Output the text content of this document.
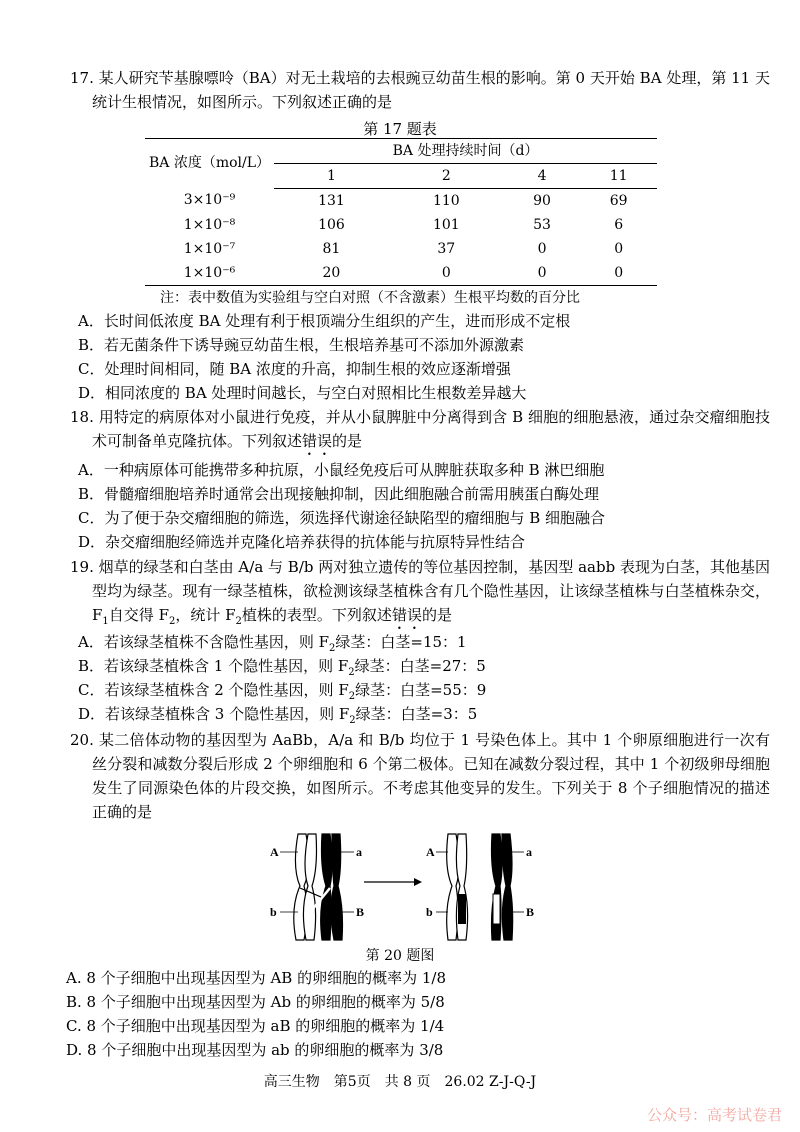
17. 某人研究苄基腺嘌呤（BA）对无土栽培的去根豌豆幼苗生根的影响。第 0 天开始 BA 处理，第 11 天统计生根情况，如图所示。下列叙述正确的是

第 17 题表
BA 浓度（mol/L）	BA 处理持续时间（d）			
	1	2	4	11
3×10⁻⁹	131	110	90	69
1×10⁻⁸	106	101	53	6
1×10⁻⁷	81	37	0	0
1×10⁻⁶	20	0	0	0
注：表中数值为实验组与空白对照（不含激素）生根平均数的百分比

A．长时间低浓度 BA 处理有利于根顶端分生组织的产生，进而形成不定根

B．若无菌条件下诱导豌豆幼苗生根，生根培养基可不添加外源激素

C．处理时间相同，随 BA 浓度的升高，抑制生根的效应逐渐增强

D．相同浓度的 BA 处理时间越长，与空白对照相比生根数差异越大

18. 用特定的病原体对小鼠进行免疫，并从小鼠脾脏中分离得到含 B 细胞的细胞悬液，通过杂交瘤细胞技术可制备单克隆抗体。下列叙述错误的是

A．一种病原体可能携带多种抗原，小鼠经免疫后可从脾脏获取多种 B 淋巴细胞

B．骨髓瘤细胞培养时通常会出现接触抑制，因此细胞融合前需用胰蛋白酶处理

C．为了便于杂交瘤细胞的筛选，须选择代谢途径缺陷型的瘤细胞与 B 细胞融合

D．杂交瘤细胞经筛选并克隆化培养获得的抗体能与抗原特异性结合

19. 烟草的绿茎和白茎由 A/a 与 B/b 两对独立遗传的等位基因控制，基因型 aabb 表现为白茎，其他基因型均为绿茎。现有一绿茎植株，欲检测该绿茎植株含有几个隐性基因，让该绿茎植株与白茎植株杂交，$F_1$自交得 $F_2$，统计 $F_2$植株的表型。下列叙述错误的是

A．若该绿茎植株不含隐性基因，则 $F_2$绿茎：白茎=15：1

B．若该绿茎植株含 1 个隐性基因，则 $F_2$绿茎：白茎=27：5

C．若该绿茎植株含 2 个隐性基因，则 $F_2$绿茎：白茎=55：9

D．若该绿茎植株含 3 个隐性基因，则 $F_2$绿茎：白茎=3：5

20. 某二倍体动物的基因型为 AaBb，A/a 和 B/b 均位于 1 号染色体上。其中 1 个卵原细胞进行一次有丝分裂和减数分裂后形成 2 个卵细胞和 6 个第二极体。已知在减数分裂过程，其中 1 个初级卵母细胞发生了同源染色体的片段交换，如图所示。不考虑其他变异的发生。下列关于 8 个子细胞情况的描述正确的是

A	a
b	B
A	a
b	B
第 20 题图

A. 8 个子细胞中出现基因型为 AB 的卵细胞的概率为 1/8

B. 8 个子细胞中出现基因型为 Ab 的卵细胞的概率为 5/8

C. 8 个子细胞中出现基因型为 aB 的卵细胞的概率为 1/4

D. 8 个子细胞中出现基因型为 ab 的卵细胞的概率为 3/8

高三生物　第5页　共 8 页　26.02 Z-J-Q-J
公众号：高考试卷君
